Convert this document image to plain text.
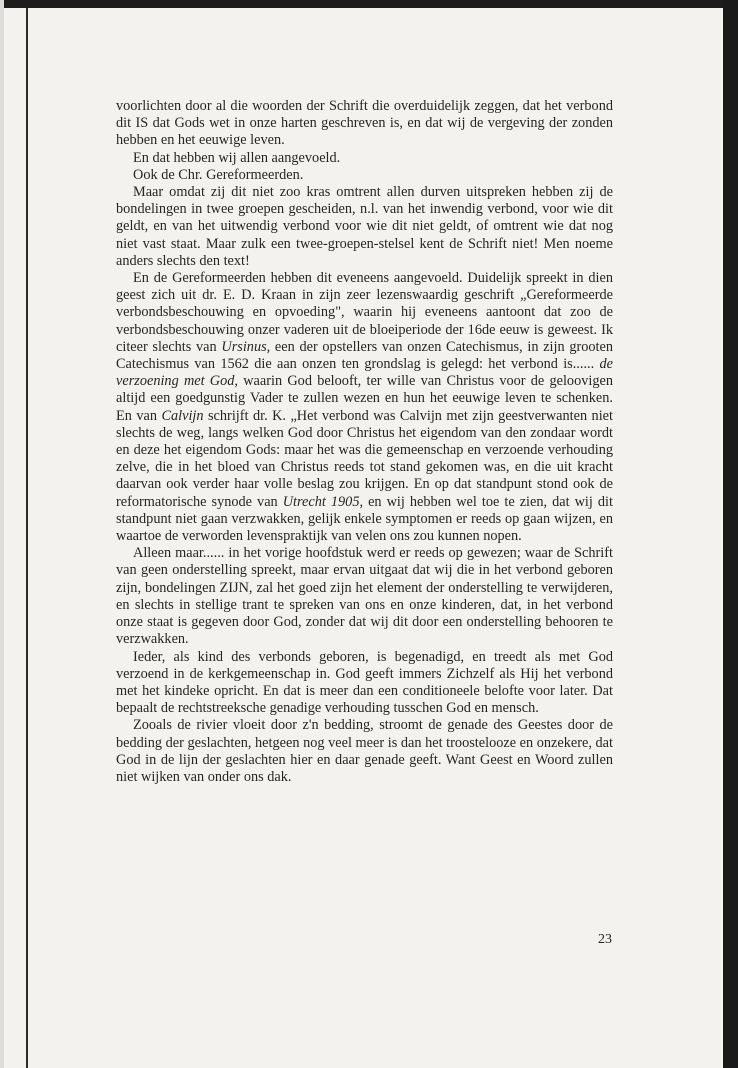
voorlichten door al die woorden der Schrift die overduidelijk zeggen, dat het verbond dit IS dat Gods wet in onze harten geschreven is, en dat wij de vergeving der zonden hebben en het eeuwige leven.

En dat hebben wij allen aangevoeld.

Ook de Chr. Gereformeerden.

Maar omdat zij dit niet zoo kras omtrent allen durven uitspreken hebben zij de bondelingen in twee groepen gescheiden, n.l. van het inwendig verbond, voor wie dit geldt, en van het uitwendig verbond voor wie dit niet geldt, of omtrent wie dat nog niet vast staat. Maar zulk een twee-groepen-stelsel kent de Schrift niet! Men noeme anders slechts den text!

En de Gereformeerden hebben dit eveneens aangevoeld. Duidelijk spreekt in dien geest zich uit dr. E. D. Kraan in zijn zeer lezenswaardig geschrift „Gereformeerde verbondsbeschouwing en opvoeding", waarin hij eveneens aantoont dat zoo de verbondsbeschouwing onzer vaderen uit de bloeiperiode der 16de eeuw is geweest. Ik citeer slechts van Ursinus, een der opstellers van onzen Catechismus, in zijn grooten Catechismus van 1562 die aan onzen ten grondslag is gelegd: het verbond is...... de verzoening met God, waarin God belooft, ter wille van Christus voor de geloovigen altijd een goedgunstig Vader te zullen wezen en hun het eeuwige leven te schenken. En van Calvijn schrijft dr. K. „Het verbond was Calvijn met zijn geestverwanten niet slechts de weg, langs welken God door Christus het eigendom van den zondaar wordt en deze het eigendom Gods: maar het was die gemeenschap en verzoende verhouding zelve, die in het bloed van Christus reeds tot stand gekomen was, en die uit kracht daarvan ook verder haar volle beslag zou krijgen. En op dat standpunt stond ook de reformatorische synode van Utrecht 1905, en wij hebben wel toe te zien, dat wij dit standpunt niet gaan verzwakken, gelijk enkele symptomen er reeds op gaan wijzen, en waartoe de verworden levenspraktijk van velen ons zou kunnen nopen.

Alleen maar...... in het vorige hoofdstuk werd er reeds op gewezen; waar de Schrift van geen onderstelling spreekt, maar ervan uitgaat dat wij die in het verbond geboren zijn, bondelingen ZIJN, zal het goed zijn het element der onderstelling te verwijderen, en slechts in stellige trant te spreken van ons en onze kinderen, dat, in het verbond onze staat is gegeven door God, zonder dat wij dit door een onderstelling behooren te verzwakken.

Ieder, als kind des verbonds geboren, is begenadigd, en treedt als met God verzoend in de kerkgemeenschap in. God geeft immers Zichzelf als Hij het verbond met het kindeke opricht. En dat is meer dan een conditioneele belofte voor later. Dat bepaalt de rechtstreeksche genadige verhouding tusschen God en mensch.

Zooals de rivier vloeit door z'n bedding, stroomt de genade des Geestes door de bedding der geslachten, hetgeen nog veel meer is dan het troostelooze en onzekere, dat God in de lijn der geslachten hier en daar genade geeft. Want Geest en Woord zullen niet wijken van onder ons dak.

23
